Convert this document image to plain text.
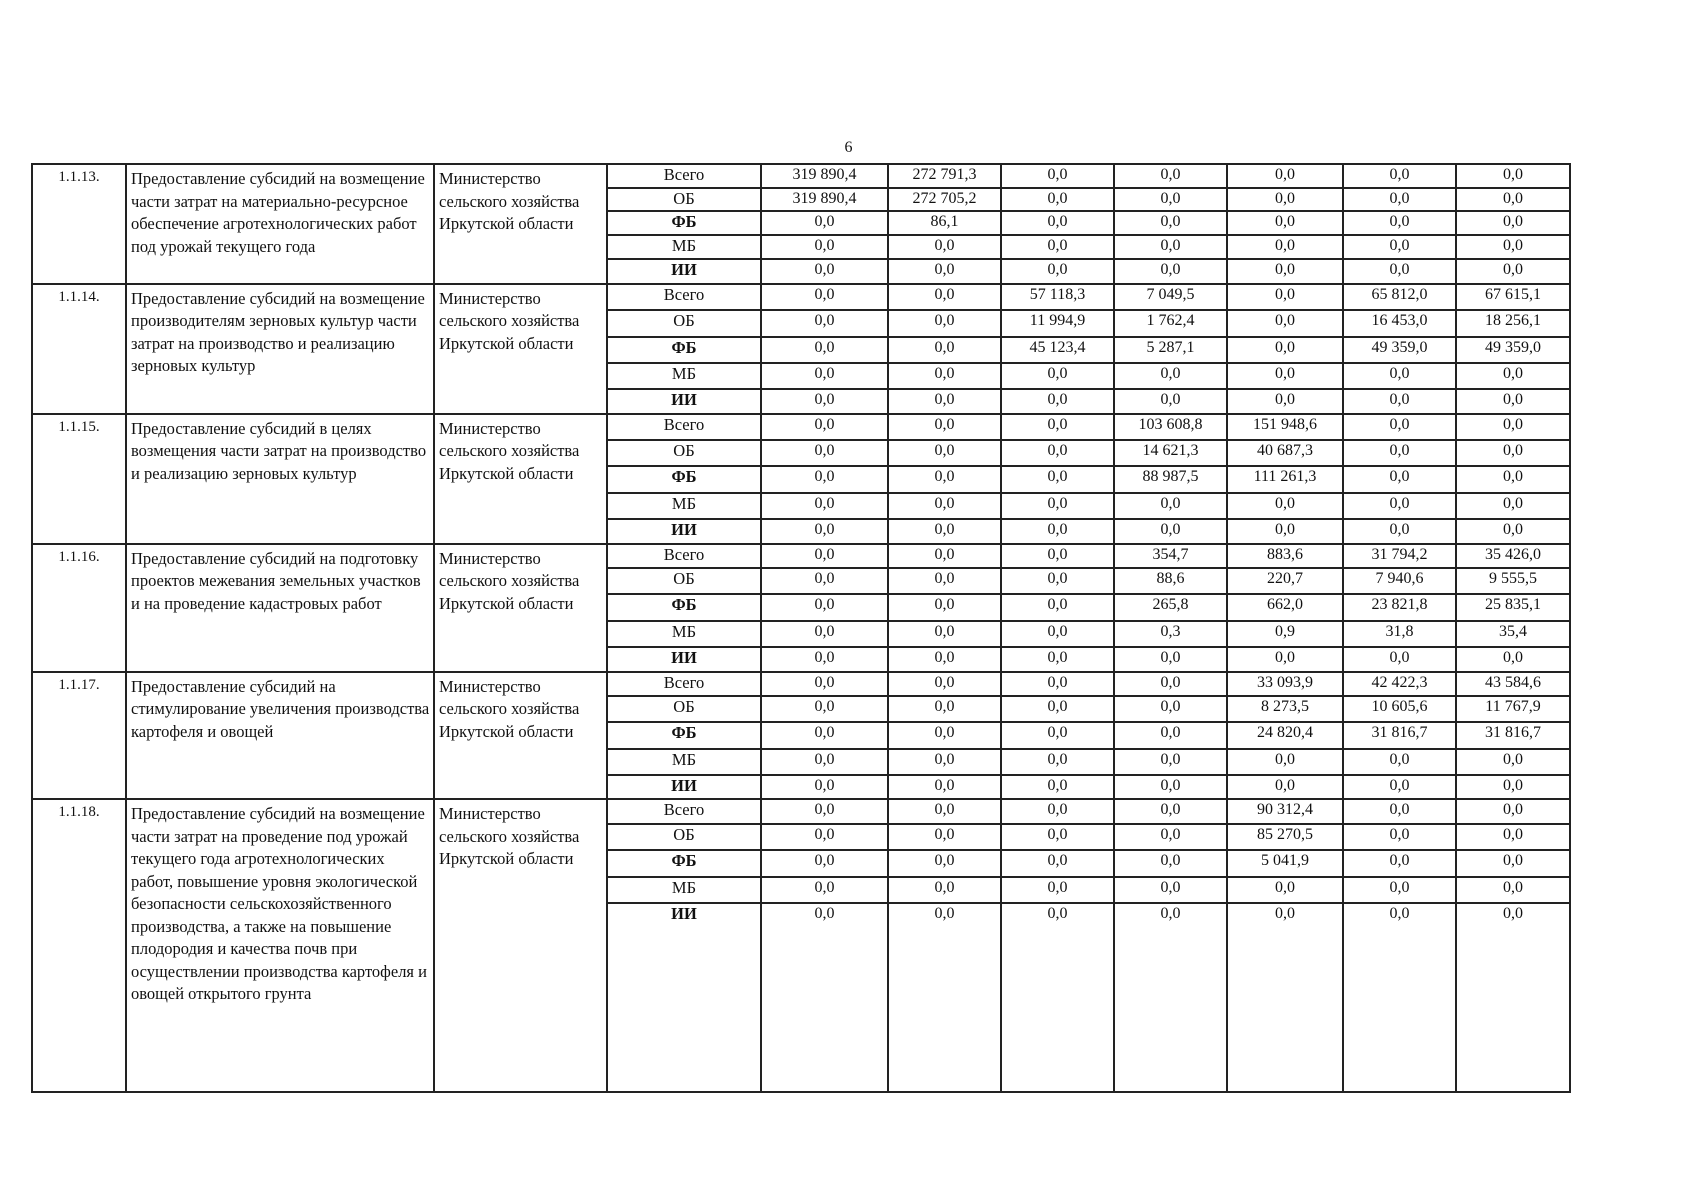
6
1.1.13.	Предоставление субсидий на возмещение части затрат на материально-ресурсное обеспечение агротехнологических работ под урожай текущего года	Министерство сельского хозяйства Иркутской области	Всего	319 890,4	272 791,3	0,0	0,0	0,0	0,0	0,0
			ОБ	319 890,4	272 705,2	0,0	0,0	0,0	0,0	0,0
			ФБ	0,0	86,1	0,0	0,0	0,0	0,0	0,0
			МБ	0,0	0,0	0,0	0,0	0,0	0,0	0,0
			ИИ	0,0	0,0	0,0	0,0	0,0	0,0	0,0
1.1.14.	Предоставление субсидий на возмещение производителям зерновых культур части затрат на производство и реализацию зерновых культур	Министерство сельского хозяйства Иркутской области	Всего	0,0	0,0	57 118,3	7 049,5	0,0	65 812,0	67 615,1
			ОБ	0,0	0,0	11 994,9	1 762,4	0,0	16 453,0	18 256,1
			ФБ	0,0	0,0	45 123,4	5 287,1	0,0	49 359,0	49 359,0
			МБ	0,0	0,0	0,0	0,0	0,0	0,0	0,0
			ИИ	0,0	0,0	0,0	0,0	0,0	0,0	0,0
1.1.15.	Предоставление субсидий в целях возмещения части затрат на производство и реализацию зерновых культур	Министерство сельского хозяйства Иркутской области	Всего	0,0	0,0	0,0	103 608,8	151 948,6	0,0	0,0
			ОБ	0,0	0,0	0,0	14 621,3	40 687,3	0,0	0,0
			ФБ	0,0	0,0	0,0	88 987,5	111 261,3	0,0	0,0
			МБ	0,0	0,0	0,0	0,0	0,0	0,0	0,0
			ИИ	0,0	0,0	0,0	0,0	0,0	0,0	0,0
1.1.16.	Предоставление субсидий на подготовку проектов межевания земельных участков и на проведение кадастровых работ	Министерство сельского хозяйства Иркутской области	Всего	0,0	0,0	0,0	354,7	883,6	31 794,2	35 426,0
			ОБ	0,0	0,0	0,0	88,6	220,7	7 940,6	9 555,5
			ФБ	0,0	0,0	0,0	265,8	662,0	23 821,8	25 835,1
			МБ	0,0	0,0	0,0	0,3	0,9	31,8	35,4
			ИИ	0,0	0,0	0,0	0,0	0,0	0,0	0,0
1.1.17.	Предоставление субсидий на стимулирование увеличения производства картофеля и овощей	Министерство сельского хозяйства Иркутской области	Всего	0,0	0,0	0,0	0,0	33 093,9	42 422,3	43 584,6
			ОБ	0,0	0,0	0,0	0,0	8 273,5	10 605,6	11 767,9
			ФБ	0,0	0,0	0,0	0,0	24 820,4	31 816,7	31 816,7
			МБ	0,0	0,0	0,0	0,0	0,0	0,0	0,0
			ИИ	0,0	0,0	0,0	0,0	0,0	0,0	0,0
1.1.18.	Предоставление субсидий на возмещение части затрат на проведение под урожай текущего года агротехнологических работ, повышение уровня экологической безопасности сельскохозяйственного производства, а также на повышение плодородия и качества почв при осуществлении производства картофеля и овощей открытого грунта	Министерство сельского хозяйства Иркутской области	Всего	0,0	0,0	0,0	0,0	90 312,4	0,0	0,0
			ОБ	0,0	0,0	0,0	0,0	85 270,5	0,0	0,0
			ФБ	0,0	0,0	0,0	0,0	5 041,9	0,0	0,0
			МБ	0,0	0,0	0,0	0,0	0,0	0,0	0,0
			ИИ	0,0	0,0	0,0	0,0	0,0	0,0	0,0
